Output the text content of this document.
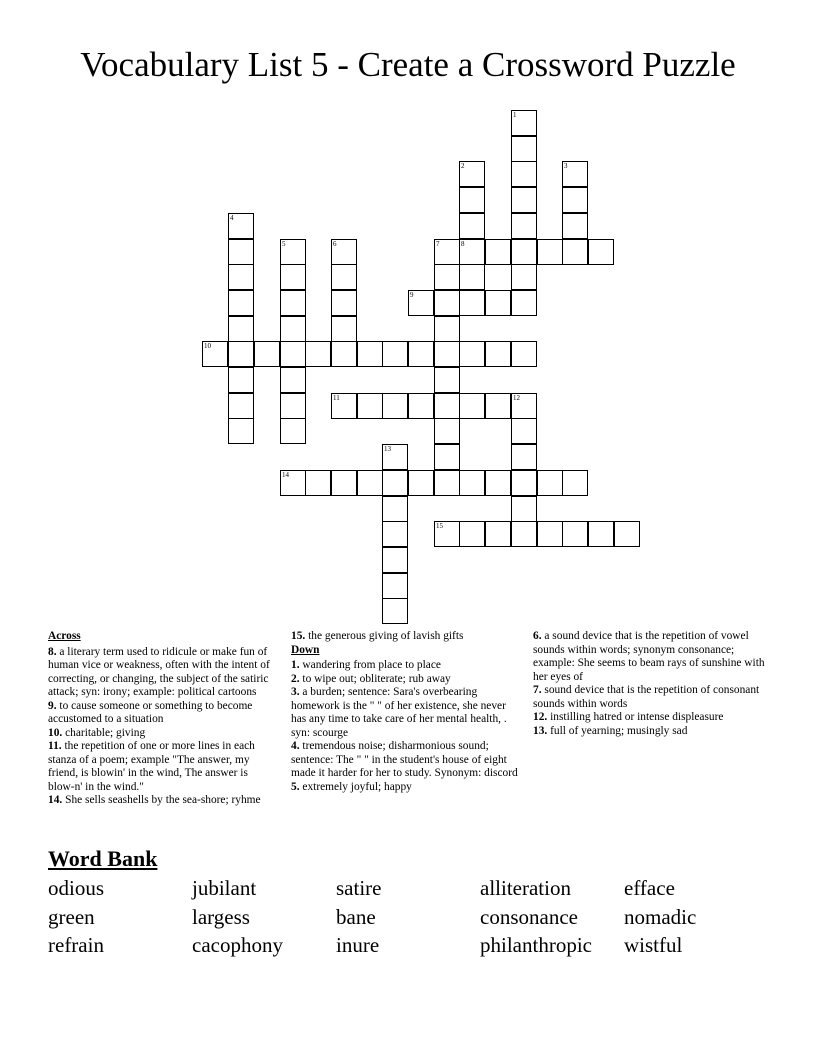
Vocabulary List 5 - Create a Crossword Puzzle
1
2
8
3
4
5	6	7
9
10
11	12
13
14
15
Across

8. a literary term used to ridicule or make fun of human vice or weakness, often with the intent of correcting, or changing, the subject of the satiric attack; syn: irony; example: political cartoons

9. to cause someone or something to become accustomed to a situation

10. charitable; giving

11. the repetition of one or more lines in each stanza of a poem; example "The answer, my friend, is blowin' in the wind, The answer is blow-n' in the wind."

14. She sells seashells by the sea-shore; ryhme

15. the generous giving of lavish gifts

Down

1. wandering from place to place

2. to wipe out; obliterate; rub away

3. a burden; sentence: Sara's overbearing homework is the " " of her existence, she never has any time to take care of her mental health, . syn: scourge

4. tremendous noise; disharmonious sound; sentence: The " " in the student's house of eight made it harder for her to study. Synonym: discord

5. extremely joyful; happy

6. a sound device that is the repetition of vowel sounds within words; synonym consonance; example: She seems to beam rays of sunshine with her eyes of

7. sound device that is the repetition of consonant sounds within words

12. instilling hatred or intense displeasure

13. full of yearning; musingly sad

Word Bank
odious	jubilant	satire	alliteration	efface
green	largess	bane	consonance nomadic
refrain	cacophony	inure	philanthropic wistful
